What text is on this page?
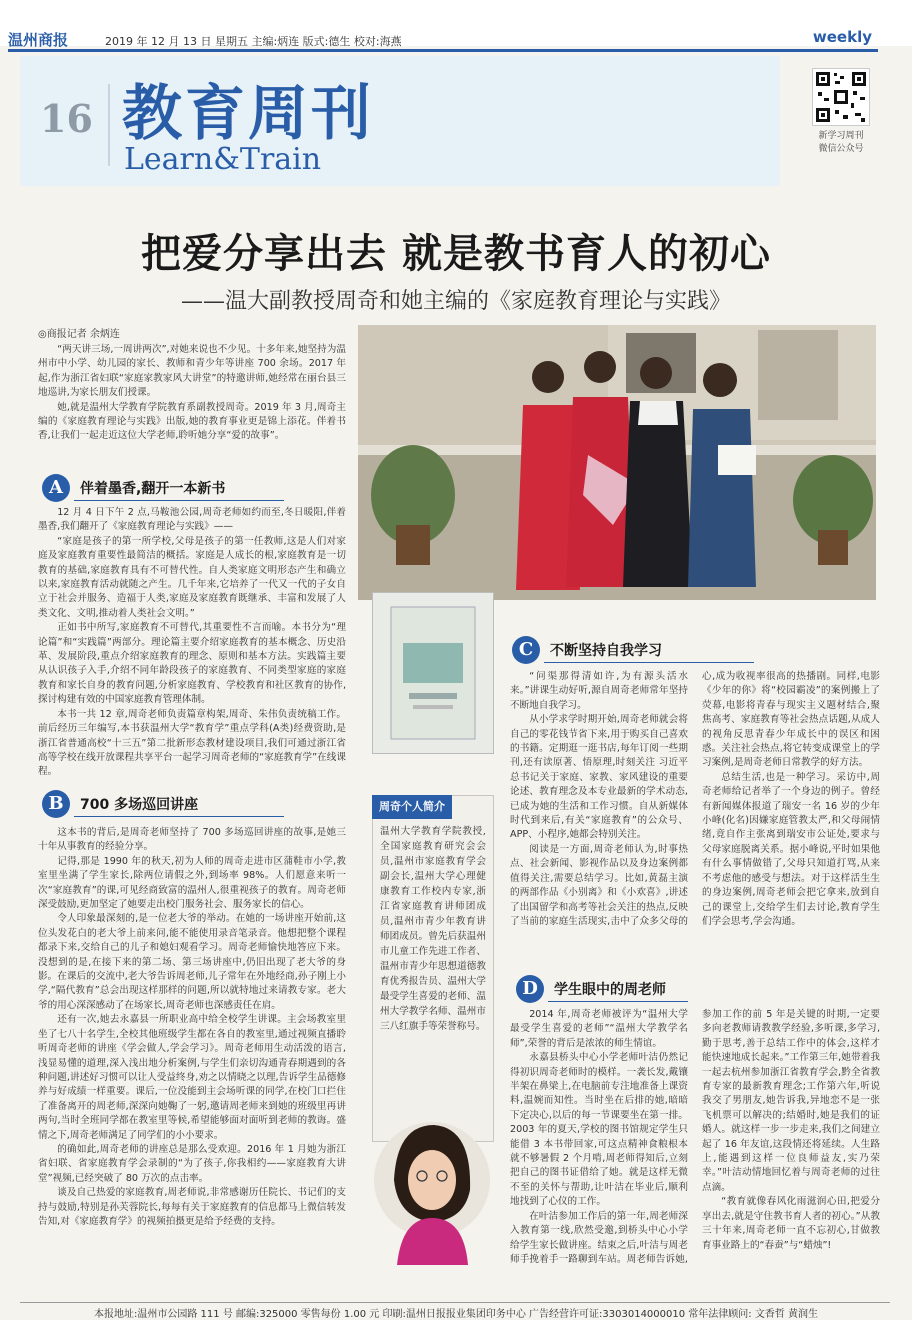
温州商报	2019 年 12 月 13 日 星期五 主编:炳连 版式:德生 校对:海燕	weekly
16 教育周刊
Learn&Train
新学习周刊
微信公众号
把爱分享出去 就是教书育人的初心
——温大副教授周奇和她主编的《家庭教育理论与实践》
◎商报记者 余炳连

“两天讲三场,一周讲两次”,对她来说也不少见。十多年来,她坚持为温州市中小学、幼儿园的家长、教师和青少年等讲座 700 余场。2017 年起,作为浙江省妇联“家庭家教家风大讲堂”的特邀讲师,她经常在丽台县三地巡讲,为家长朋友们授课。

她,就是温州大学教育学院教育系副教授周奇。2019 年 3 月,周奇主编的《家庭教育理论与实践》出版,她的教育事业更是锦上添花。伴着书香,让我们一起走近这位大学老师,聆听她分享“爱的故事”。

A	伴着墨香,翻开一本新书

12 月 4 日下午 2 点,马鞍池公园,周奇老师如约而至,冬日暖阳,伴着墨香,我们翻开了《家庭教育理论与实践》——

“家庭是孩子的第一所学校,父母是孩子的第一任教师,这是人们对家庭及家庭教育重要性最简洁的概括。家庭是人成长的根,家庭教育是一切教育的基础,家庭教育具有不可替代性。自人类家庭文明形态产生和确立以来,家庭教育活动就随之产生。几千年来,它培养了一代又一代的子女自立于社会并服务、造福于人类,家庭及家庭教育既继承、丰富和发展了人类文化、文明,推动着人类社会文明。”

正如书中所写,家庭教育不可替代,其重要性不言而喻。本书分为“理论篇”和“实践篇”两部分。理论篇主要介绍家庭教育的基本概念、历史沿革、发展阶段,重点介绍家庭教育的理念、原则和基本方法。实践篇主要从认识孩子入手,介绍不同年龄段孩子的家庭教育、不同类型家庭的家庭教育和家长自身的教育问题,分析家庭教育、学校教育和社区教育的协作,探讨构建有效的中国家庭教育管理体制。

本书一共 12 章,周奇老师负责篇章构架,周奇、朱伟负责统稿工作。前后经历三年编写,本书获温州大学“教育学”重点学科(A类)经费资助,是浙江省普通高校“十三五”第二批新形态教材建设项目,我们可通过浙江省高等学校在线开放课程共享平台一起学习周奇老师的“家庭教育学”在线课程。

B	700 多场巡回讲座

这本书的背后,是周奇老师坚持了 700 多场巡回讲座的故事,是她三十年从事教育的经验分享。

记得,那是 1990 年的秋天,初为人师的周奇走进市区蒲鞋市小学,教室里坐满了学生家长,除两位请假之外,到场率 98%。人们愿意来听一次“家庭教育”的课,可见经商致富的温州人,很重视孩子的教育。周奇老师深受鼓励,更加坚定了她要走出校门服务社会、服务家长的信心。

令人印象最深刻的,是一位老大爷的举动。在她的一场讲座开始前,这位头发花白的老大爷上前来问,能不能使用录音笔录音。他想把整个课程都录下来,交给自己的儿子和媳妇观看学习。周奇老师愉快地答应下来。没想到的是,在接下来的第二场、第三场讲座中,仍旧出现了老大爷的身影。在课后的交流中,老大爷告诉周老师,儿子常年在外地经商,孙子刚上小学,“隔代教育”总会出现这样那样的问题,所以就特地过来请教专家。老大爷的用心深深感动了在场家长,周奇老师也深感责任在肩。

还有一次,她去永嘉县一所职业高中给全校学生讲课。主会场教室里坐了七八十名学生,全校其他班级学生都在各自的教室里,通过视频直播聆听周奇老师的讲座《学会做人,学会学习》。周奇老师用生动活泼的语言,浅显易懂的道理,深入浅出地分析案例,与学生们亲切沟通青春期遇到的各种问题,讲述好习惯可以让人受益终身,劝之以情晓之以理,告诉学生品德修养与好成绩一样重要。课后,一位没能到主会场听课的同学,在校门口拦住了准备离开的周老师,深深向她鞠了一躬,邀请周老师来到她的班级里再讲两句,当时全班同学都在教室里等候,希望能够面对面听到老师的教诲。盛情之下,周奇老师满足了同学们的小小要求。

的确如此,周奇老师的讲座总是那么受欢迎。2016 年 1 月她为浙江省妇联、省家庭教育学会录制的“为了孩子,你我相约——家庭教育大讲堂”视频,已经突破了 80 万次的点击率。

谈及自己热爱的家庭教育,周老师说,非常感谢历任院长、书记们的支持与鼓励,特别是孙芙蓉院长,每每有关于家庭教育的信息都马上微信转发告知,对《家庭教育学》的视频拍摄更是给予经费的支持。

周奇个人简介
温州大学教育学院教授,全国家庭教育研究会会员,温州市家庭教育学会副会长,温州大学心理健康教育工作校内专家,浙江省家庭教育讲师团成员,温州市青少年教育讲师团成员。曾先后获温州市儿童工作先进工作者、温州市青少年思想道德教育优秀报告员、温州大学最受学生喜爱的老师、温州大学教学名师、温州市三八红旗手等荣誉称号。
C	不断坚持自我学习

“问渠那得清如许,为有源头活水来。”讲课生动好听,源自周奇老师常年坚持不断地自我学习。

从小学求学时期开始,周奇老师就会将自己的零花钱节省下来,用于购买自己喜欢的书籍。定期逛一逛书店,每年订阅一些期刊,还有读原著、悟原理,时刻关注 习近平总书记关于家庭、家教、家风建设的重要论述、教育理念及本专业最新的学术动态,已成为她的生活和工作习惯。自从新媒体时代到来后,有关“家庭教育”的公众号、APP、小程序,她都会特别关注。

阅读是一方面,周奇老师认为,时事热点、社会新闻、影视作品以及身边案例都值得关注,需要总结学习。比如,黄磊主演的两部作品《小别离》和《小欢喜》,讲述了出国留学和高考等社会关注的热点,反映了当前的家庭生活现实,击中了众多父母的心,成为收视率很高的热播剧。同样,电影《少年的你》将“校园霸凌”的案例搬上了荧幕,电影将青春与现实主义题材结合,聚焦高考、家庭教育等社会热点话题,从成人的视角反思青春少年成长中的误区和困惑。关注社会热点,将它转变成课堂上的学习案例,是周奇老师日常教学的好方法。

总结生活,也是一种学习。采访中,周奇老师给记者举了一个身边的例子。曾经有新闻媒体报道了瑞安一名 16 岁的少年小峰(化名)因嫌家庭管教太严,和父母闹情绪,竟自作主张离到瑞安市公证处,要求与父母家庭脱离关系。据小峰说,平时如果他有什么事情做错了,父母只知道打骂,从来不考虑他的感受与想法。对于这样活生生的身边案例,周奇老师会把它拿来,放到自己的课堂上,交给学生们去讨论,教育学生们学会思考,学会沟通。

D	学生眼中的周老师

2014 年,周奇老师被评为“温州大学最受学生喜爱的老师”“温州大学教学名师”,荣誉的背后是浓浓的师生情谊。

永嘉县桥头中心小学老师叶洁仍然记得初识周奇老师时的模样。一袭长发,戴镶半架在鼻梁上,在电脑前专注地准备上课资料,温婉而知性。当时坐在后排的她,暗暗下定决心,以后的每一节课要坐在第一排。2003 年的夏天,学校的图书馆规定学生只能借 3 本书带回家,可这点精神食粮根本就不够暑假 2 个月啃,周老师得知后,立刻把自己的图书证借给了她。就是这样无微不至的关怀与帮助,让叶洁在毕业后,顺利地找到了心仪的工作。

在叶洁参加工作后的第一年,周老师深入教育第一线,欣然受邀,到桥头中心小学给学生家长做讲座。结束之后,叶洁与周老师手挽着手一路聊到车站。周老师告诉她,参加工作的前 5 年是关键的时期,一定要多向老教师请教教学经验,多听课,多学习,勤于思考,善于总结工作中的体会,这样才能快速地成长起来。”工作第三年,她带着我一起去杭州参加浙江省教育学会,黔全省教育专家的最新教育理念;工作第六年,听说我交了男朋友,她告诉我,异地恋不是一张飞机票可以解决的;结婚时,她是我们的证婚人。就这样一步一步走来,我们之间建立起了 16 年友谊,这段情还将延续。人生路上,能遇到这样一位良师益友,实乃荣幸。”叶洁动情地回忆着与周奇老师的过往点滴。

“教育就像春风化雨滋润心田,把爱分享出去,就是守住教书育人者的初心。”从教三十年来,周奇老师一直不忘初心,甘做教育事业路上的“春蚕”与“蜡烛”!

本报地址:温州市公园路 111 号 邮编:325000 零售每份 1.00 元 印刷:温州日报报业集团印务中心 广告经营许可证:3303014000010 常年法律顾问: 文香哲 黄润生
